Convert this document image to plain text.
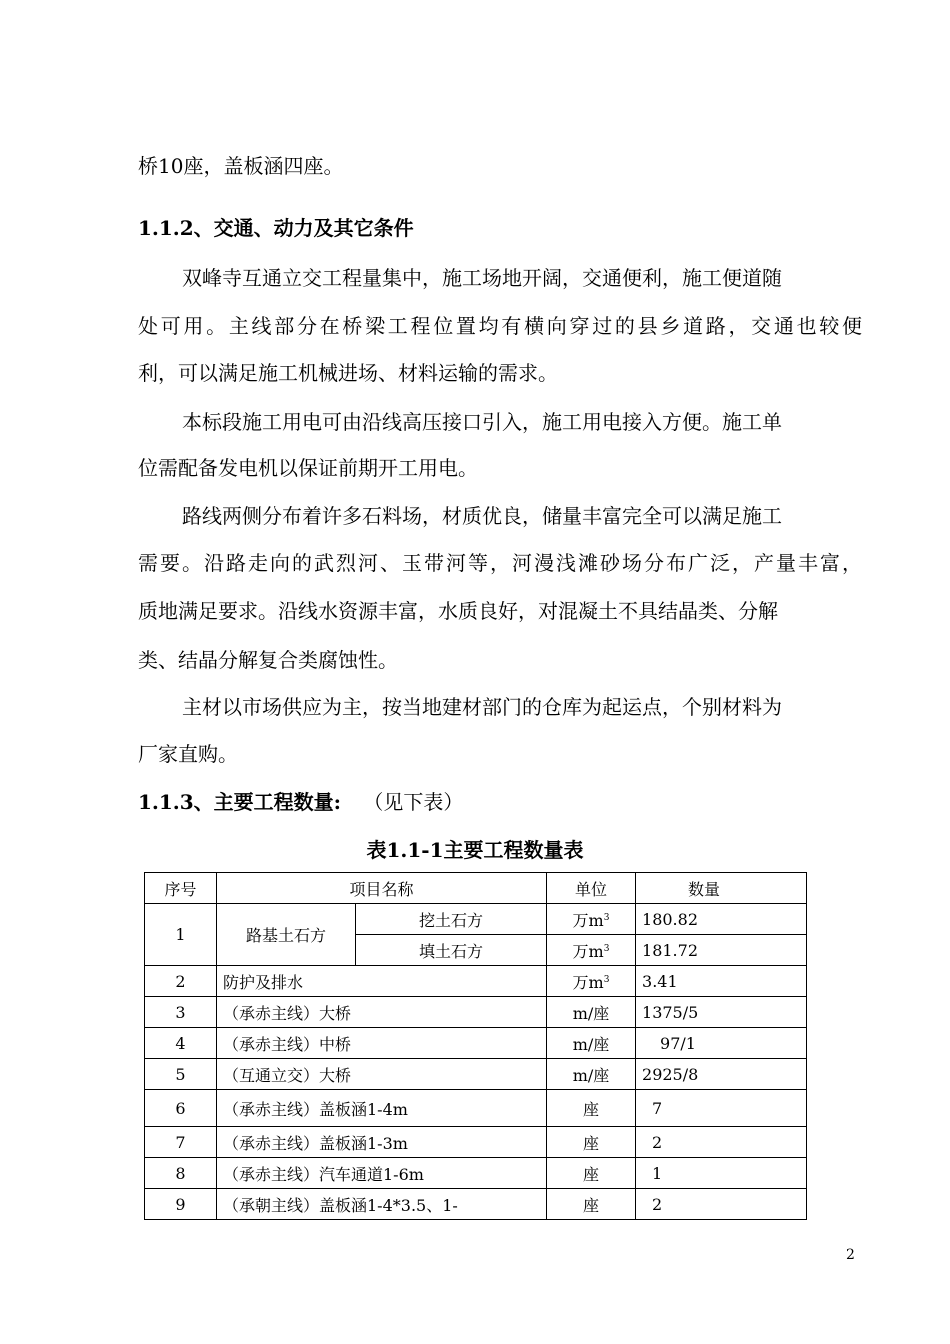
桥10座，盖板涵四座。
1.1.2、交通、动力及其它条件
双峰寺互通立交工程量集中，施工场地开阔，交通便利，施工便道随
处可用。主线部分在桥梁工程位置均有横向穿过的县乡道路，交通也较便
利，可以满足施工机械进场、材料运输的需求。
本标段施工用电可由沿线高压接口引入，施工用电接入方便。施工单
位需配备发电机以保证前期开工用电。
路线两侧分布着许多石料场，材质优良，储量丰富完全可以满足施工
需要。沿路走向的武烈河、玉带河等，河漫浅滩砂场分布广泛，产量丰富，
质地满足要求。沿线水资源丰富，水质良好，对混凝土不具结晶类、分解
类、结晶分解复合类腐蚀性。
主材以市场供应为主，按当地建材部门的仓库为起运点，个别材料为
厂家直购。
1.1.3、主要工程数量: （见下表）
表1.1-1主要工程数量表
序号	项目名称		单位	数量
1	路基土石方	挖土石方	万$m^3$	180.82
		填土石方	万$m^3$	181.72
2	防护及排水		万$m^3$	3.41
3	（承赤主线）大桥		m/座	1375/5
4	（承赤主线）中桥		m/座	97/1
5	（互通立交）大桥		m/座	2925/8
6	（承赤主线）盖板涵1-4m		座	7
7	（承赤主线）盖板涵1-3m		座	2
8	（承赤主线）汽车通道1-6m		座	1
9	（承朝主线）盖板涵1-4*3.5、1-		座	2
2
